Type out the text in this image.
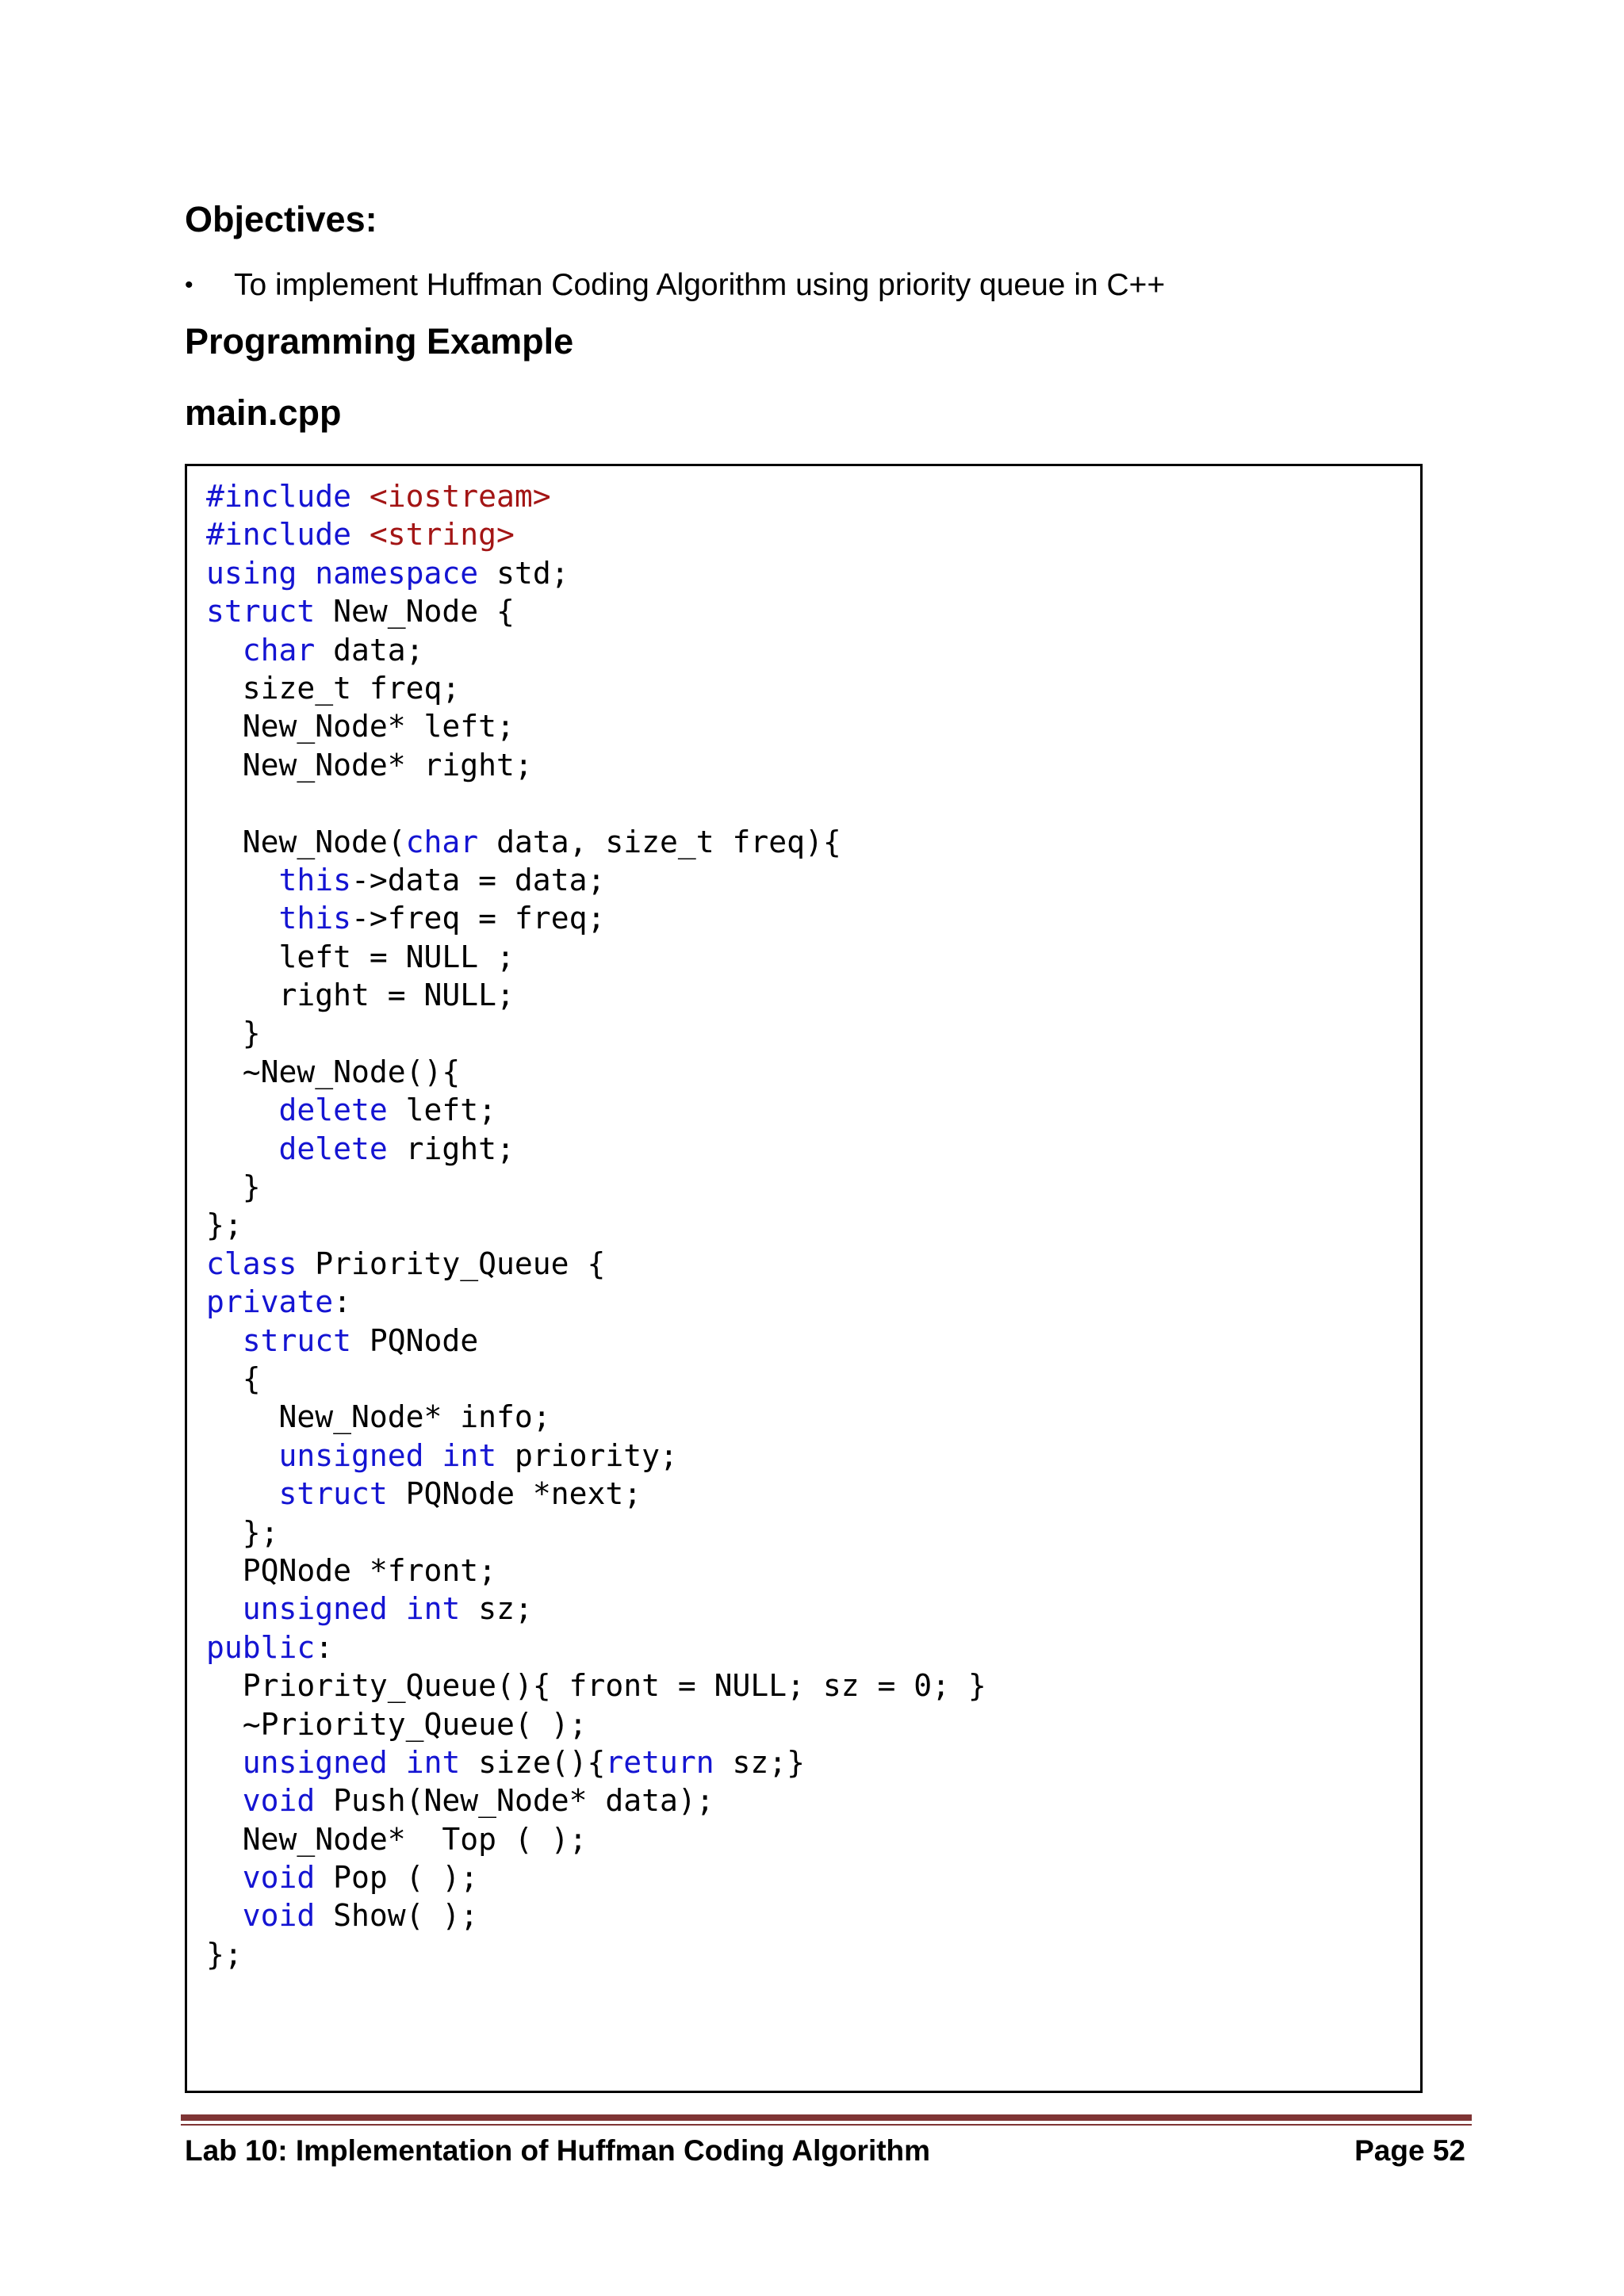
Objectives:
•	To implement Huffman Coding Algorithm using priority queue in C++
Programming Example
main.cpp
#include <iostream>
#include <string>
using namespace std;
struct New_Node {
char data;
size_t freq;
New_Node* left;
New_Node* right;
New_Node(char data, size_t freq){
this->data = data;
this->freq = freq;
left = NULL ;
right = NULL;
}
~New_Node(){
delete left;
delete right;
}
};
class Priority_Queue {
private:
struct PQNode
{
New_Node* info;
unsigned int priority;
struct PQNode *next;
};
PQNode *front;
unsigned int sz;
public:
Priority_Queue(){ front = NULL; sz = 0; }
~Priority_Queue( );
unsigned int size(){return sz;}
void Push(New_Node* data);
New_Node*  Top ( );
void Pop ( );
void Show( );
};
Lab 10: Implementation of Huffman Coding Algorithm	Page 52
